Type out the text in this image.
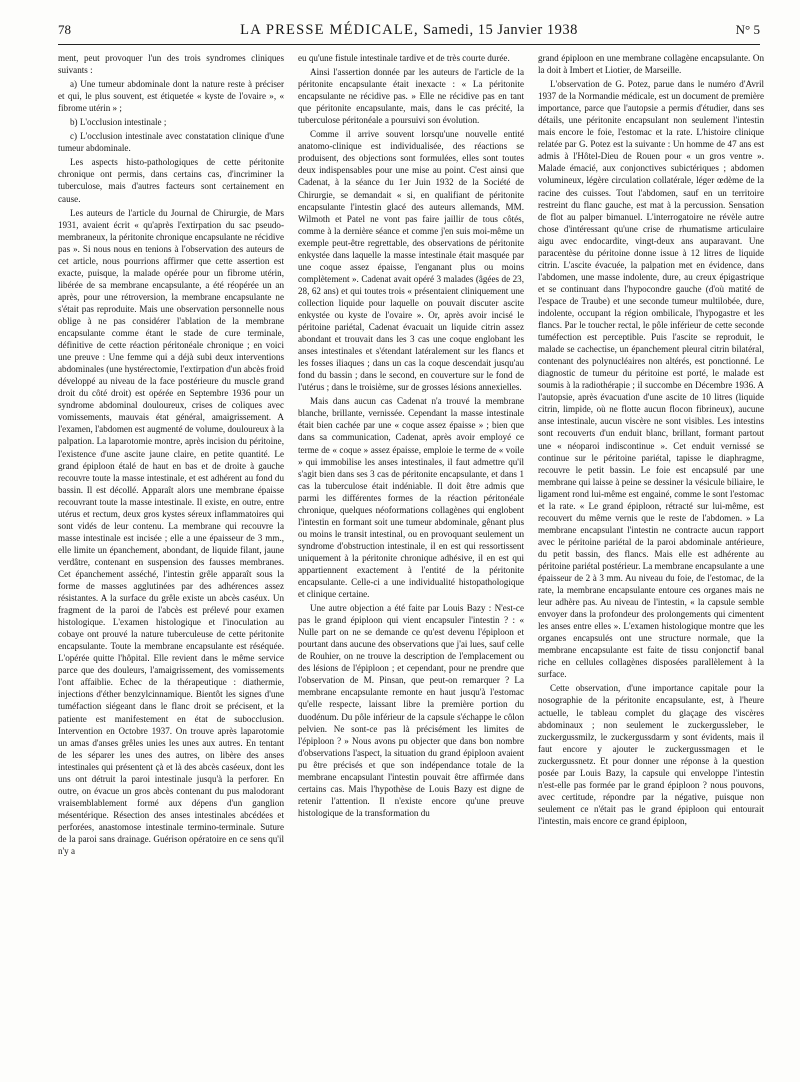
78	LA PRESSE MÉDICALE, Samedi, 15 Janvier 1938	N° 5

ment, peut provoquer l'un des trois syndromes cliniques suivants :

a) Une tumeur abdominale dont la nature reste à préciser et qui, le plus souvent, est étiquetée « kyste de l'ovaire », « fibrome utérin » ;

b) L'occlusion intestinale ;

c) L'occlusion intestinale avec constatation clinique d'une tumeur abdominale.

Les aspects histo-pathologiques de cette péritonite chronique ont permis, dans certains cas, d'incriminer la tuberculose, mais d'autres facteurs sont certainement en cause.

Les auteurs de l'article du Journal de Chirurgie, de Mars 1931, avaient écrit « qu'après l'extirpation du sac pseudo-membraneux, la péritonite chronique encapsulante ne récidive pas ». Si nous nous en tenions à l'observation des auteurs de cet article, nous pourrions affirmer que cette assertion est exacte, puisque, la malade opérée pour un fibrome utérin, libérée de sa membrane encapsulante, a été réopérée un an après, pour une rétroversion, la membrane encapsulante ne s'était pas reproduite. Mais une observation personnelle nous oblige à ne pas considérer l'ablation de la membrane encapsulante comme étant le stade de cure terminale, définitive de cette réaction péritonéale chronique ; en voici une preuve : Une femme qui a déjà subi deux interventions abdominales (une hystérectomie, l'extirpation d'un abcès froid développé au niveau de la face postérieure du muscle grand droit du côté droit) est opérée en Septembre 1936 pour un syndrome abdominal douloureux, crises de coliques avec vomissements, mauvais état général, amaigrissement. A l'examen, l'abdomen est augmenté de volume, douloureux à la palpation. La laparotomie montre, après incision du péritoine, l'existence d'une ascite jaune claire, en petite quantité. Le grand épiploon étalé de haut en bas et de droite à gauche recouvre toute la masse intestinale, et est adhérent au fond du bassin. Il est décollé. Apparaît alors une membrane épaisse recouvrant toute la masse intestinale. Il existe, en outre, entre utérus et rectum, deux gros kystes séreux inflammatoires qui sont vidés de leur contenu. La membrane qui recouvre la masse intestinale est incisée ; elle a une épaisseur de 3 mm., elle limite un épanchement, abondant, de liquide filant, jaune verdâtre, contenant en suspension des fausses membranes. Cet épanchement asséché, l'intestin grêle apparaît sous la forme de masses agglutinées par des adhérences assez résistantes. A la surface du grêle existe un abcès caséux. Un fragment de la paroi de l'abcès est prélevé pour examen histologique. L'examen histologique et l'inoculation au cobaye ont prouvé la nature tuberculeuse de cette péritonite encapsulante. Toute la membrane encapsulante est réséquée. L'opérée quitte l'hôpital. Elle revient dans le même service parce que des douleurs, l'amaigrissement, des vomissements l'ont affaiblie. Echec de la thérapeutique : diathermie, injections d'éther benzylcinnamique. Bientôt les signes d'une tuméfaction siégeant dans le flanc droit se précisent, et la patiente est manifestement en état de subocclusion. Intervention en Octobre 1937. On trouve après laparotomie un amas d'anses grêles unies les unes aux autres. En tentant de les séparer les unes des autres, on libère des anses intestinales qui présentent çà et là des abcès caséeux, dont les uns ont détruit la paroi intestinale jusqu'à la perforer. En outre, on évacue un gros abcès contenant du pus malodorant vraisemblablement formé aux dépens d'un ganglion mésentérique. Résection des anses intestinales abcédées et perforées, anastomose intestinale termino-terminale. Suture de la paroi sans drainage. Guérison opératoire en ce sens qu'il n'y a

eu qu'une fistule intestinale tardive et de très courte durée.

Ainsi l'assertion donnée par les auteurs de l'article de la péritonite encapsulante était inexacte : « La péritonite encapsulante ne récidive pas. » Elle ne récidive pas en tant que péritonite encapsulante, mais, dans le cas précité, la tuberculose péritonéale a poursuivi son évolution.

Comme il arrive souvent lorsqu'une nouvelle entité anatomo-clinique est individualisée, des réactions se produisent, des objections sont formulées, elles sont toutes deux indispensables pour une mise au point. C'est ainsi que Cadenat, à la séance du 1er Juin 1932 de la Société de Chirurgie, se demandait « si, en qualifiant de péritonite encapsulante l'intestin glacé des auteurs allemands, MM. Wilmoth et Patel ne vont pas faire jaillir de tous côtés, comme à la dernière séance et comme j'en suis moi-même un exemple peut-être regrettable, des observations de péritonite enkystée dans laquelle la masse intestinale était masquée par une coque assez épaisse, l'enganant plus ou moins complètement ». Cadenat avait opéré 3 malades (âgées de 23, 28, 62 ans) et qui toutes trois « présentaient cliniquement une collection liquide pour laquelle on pouvait discuter ascite enkystée ou kyste de l'ovaire ». Or, après avoir incisé le péritoine pariétal, Cadenat évacuait un liquide citrin assez abondant et trouvait dans les 3 cas une coque englobant les anses intestinales et s'étendant latéralement sur les flancs et les fosses iliaques ; dans un cas la coque descendait jusqu'au fond du bassin ; dans le second, en couverture sur le fond de l'utérus ; dans le troisième, sur de grosses lésions annexielles.

Mais dans aucun cas Cadenat n'a trouvé la membrane blanche, brillante, vernissée. Cependant la masse intestinale était bien cachée par une « coque assez épaisse » ; bien que dans sa communication, Cadenat, après avoir employé ce terme de « coque » assez épaisse, emploie le terme de « voile » qui immobilise les anses intestinales, il faut admettre qu'il s'agit bien dans ses 3 cas de péritonite encapsulante, et dans 1 cas la tuberculose était indéniable. Il doit être admis que parmi les différentes formes de la réaction péritonéale chronique, quelques néoformations collagènes qui englobent l'intestin en formant soit une tumeur abdominale, gênant plus ou moins le transit intestinal, ou en provoquant seulement un syndrome d'obstruction intestinale, il en est qui ressortissent uniquement à la péritonite chronique adhésive, il en est qui appartiennent exactement à l'entité de la péritonite encapsulante. Celle-ci a une individualité histopathologique et clinique certaine.

Une autre objection a été faite par Louis Bazy : N'est-ce pas le grand épiploon qui vient encapsuler l'intestin ? : « Nulle part on ne se demande ce qu'est devenu l'épiploon et pourtant dans aucune des observations que j'ai lues, sauf celle de Rouhier, on ne trouve la description de l'emplacement ou des lésions de l'épiploon ; et cependant, pour ne prendre que l'observation de M. Pinsan, que peut-on remarquer ? La membrane encapsulante remonte en haut jusqu'à l'estomac qu'elle respecte, laissant libre la première portion du duodénum. Du pôle inférieur de la capsule s'échappe le côlon pelvien. Ne sont-ce pas là précisément les limites de l'épiploon ? » Nous avons pu objecter que dans bon nombre d'observations l'aspect, la situation du grand épiploon avaient pu être précisés et que son indépendance totale de la membrane encapsulant l'intestin pouvait être affirmée dans certains cas. Mais l'hypothèse de Louis Bazy est digne de retenir l'attention. Il n'existe encore qu'une preuve histologique de la transformation du

grand épiploon en une membrane collagène encapsulante. On la doit à Imbert et Liotier, de Marseille.

L'observation de G. Potez, parue dans le numéro d'Avril 1937 de la Normandie médicale, est un document de première importance, parce que l'autopsie a permis d'étudier, dans ses détails, une péritonite encapsulant non seulement l'intestin mais encore le foie, l'estomac et la rate. L'histoire clinique relatée par G. Potez est la suivante : Un homme de 47 ans est admis à l'Hôtel-Dieu de Rouen pour « un gros ventre ». Malade émacié, aux conjonctives subictériques ; abdomen volumineux, légère circulation collatérale, léger œdème de la racine des cuisses. Tout l'abdomen, sauf en un territoire restreint du flanc gauche, est mat à la percussion. Sensation de flot au palper bimanuel. L'interrogatoire ne révèle autre chose d'intéressant qu'une crise de rhumatisme articulaire aigu avec endocardite, vingt-deux ans auparavant. Une paracentèse du péritoine donne issue à 12 litres de liquide citrin. L'ascite évacuée, la palpation met en évidence, dans l'abdomen, une masse indolente, dure, au creux épigastrique et se continuant dans l'hypocondre gauche (d'où matité de l'espace de Traube) et une seconde tumeur multilobée, dure, indolente, occupant la région ombilicale, l'hypogastre et les flancs. Par le toucher rectal, le pôle inférieur de cette seconde tuméfection est perceptible. Puis l'ascite se reproduit, le malade se cachectise, un épanchement pleural citrin bilatéral, contenant des polynucléaires non altérés, est ponctionné. Le diagnostic de tumeur du péritoine est porté, le malade est soumis à la radiothérapie ; il succombe en Décembre 1936. A l'autopsie, après évacuation d'une ascite de 10 litres (liquide citrin, limpide, où ne flotte aucun flocon fibrineux), aucune anse intestinale, aucun viscère ne sont visibles. Les intestins sont recouverts d'un enduit blanc, brillant, formant partout une « néoparoi indiscontinue ». Cet enduit vernissé se continue sur le péritoine pariétal, tapisse le diaphragme, recouvre le petit bassin. Le foie est encapsulé par une membrane qui laisse à peine se dessiner la vésicule biliaire, le ligament rond lui-même est engainé, comme le sont l'estomac et la rate. « Le grand épiploon, rétracté sur lui-même, est recouvert du même vernis que le reste de l'abdomen. » La membrane encapsulant l'intestin ne contracte aucun rapport avec le péritoine pariétal de la paroi abdominale antérieure, du petit bassin, des flancs. Mais elle est adhérente au péritoine pariétal postérieur. La membrane encapsulante a une épaisseur de 2 à 3 mm. Au niveau du foie, de l'estomac, de la rate, la membrane encapsulante entoure ces organes mais ne leur adhère pas. Au niveau de l'intestin, « la capsule semble envoyer dans la profondeur des prolongements qui cimentent les anses entre elles ». L'examen histologique montre que les organes encapsulés ont une structure normale, que la membrane encapsulante est faite de tissu conjonctif banal riche en cellules collagènes disposées parallèlement à la surface.

Cette observation, d'une importance capitale pour la nosographie de la péritonite encapsulante, est, à l'heure actuelle, le tableau complet du glaçage des viscères abdominaux ; non seulement le zuckergussleber, le zuckergussmilz, le zuckergussdarm y sont évidents, mais il faut encore y ajouter le zuckergussmagen et le zuckergussnetz. Et pour donner une réponse à la question posée par Louis Bazy, la capsule qui enveloppe l'intestin n'est-elle pas formée par le grand épiploon ? nous pouvons, avec certitude, répondre par la négative, puisque non seulement ce n'était pas le grand épiploon qui entourait l'intestin, mais encore ce grand épiploon,
